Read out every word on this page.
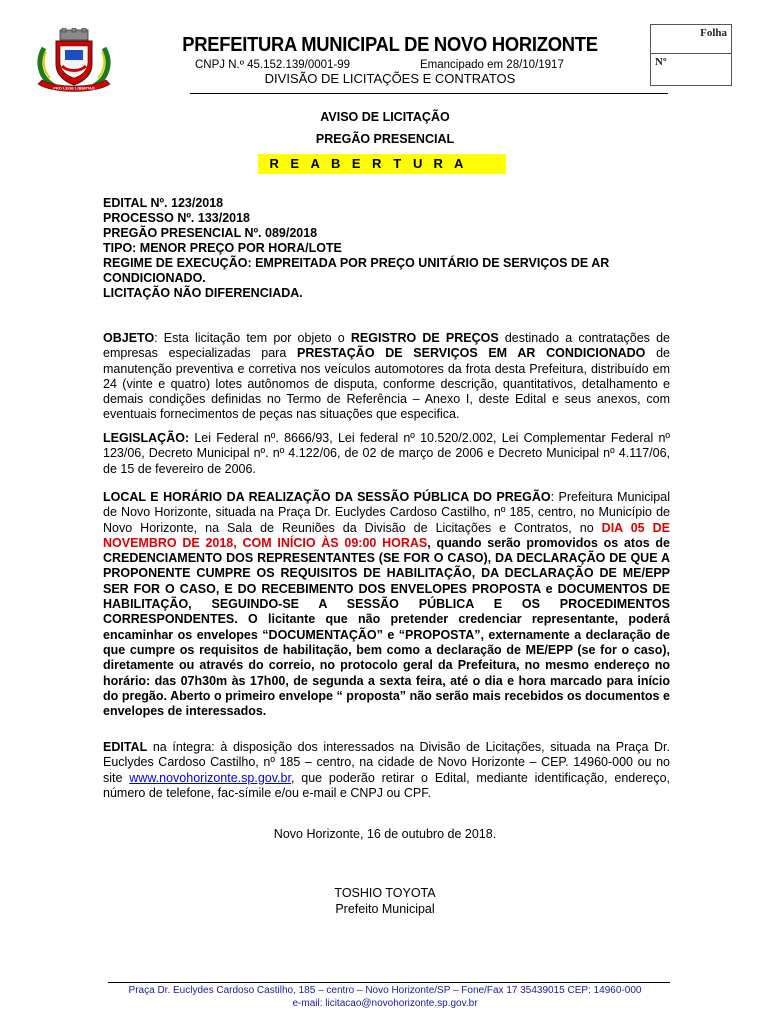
PRO LEGE LIBERTAS
PREFEITURA MUNICIPAL DE NOVO HORIZONTE
CNPJ N.º 45.152.139/0001-99	Emancipado em 28/10/1917
DIVISÃO DE LICITAÇÕES E CONTRATOS
Folha
Nº
AVISO DE LICITAÇÃO
PREGÃO PRESENCIAL
R E A B E R T U R A
EDITAL Nº. 123/2018
PROCESSO Nº. 133/2018
PREGÃO PRESENCIAL Nº. 089/2018
TIPO: MENOR PREÇO POR HORA/LOTE
REGIME DE EXECUÇÃO: EMPREITADA POR PREÇO UNITÁRIO DE SERVIÇOS DE AR CONDICIONADO.
LICITAÇÃO NÃO DIFERENCIADA.
OBJETO: Esta licitação tem por objeto o REGISTRO DE PREÇOS destinado a contratações de empresas especializadas para PRESTAÇÃO DE SERVIÇOS EM AR CONDICIONADO de manutenção preventiva e corretiva nos veículos automotores da frota desta Prefeitura, distribuído em 24 (vinte e quatro) lotes autônomos de disputa, conforme descrição, quantitativos, detalhamento e demais condições definidas no Termo de Referência – Anexo I, deste Edital e seus anexos, com eventuais fornecimentos de peças nas situações que especifica.
LEGISLAÇÃO: Lei Federal nº. 8666/93, Lei federal nº 10.520/2.002, Lei Complementar Federal nº 123/06, Decreto Municipal nº. nº 4.122/06, de 02 de março de 2006 e Decreto Municipal nº 4.117/06, de 15 de fevereiro de 2006.
LOCAL E HORÁRIO DA REALIZAÇÃO DA SESSÃO PÚBLICA DO PREGÃO: Prefeitura Municipal de Novo Horizonte, situada na Praça Dr. Euclydes Cardoso Castilho, nº 185, centro, no Município de Novo Horizonte, na Sala de Reuniões da Divisão de Licitações e Contratos, no DIA 05 DE NOVEMBRO DE 2018, COM INÍCIO ÀS 09:00 HORAS, quando serão promovidos os atos de CREDENCIAMENTO DOS REPRESENTANTES (SE FOR O CASO), DA DECLARAÇÃO DE QUE A PROPONENTE CUMPRE OS REQUISITOS DE HABILITAÇÃO, DA DECLARAÇÃO DE ME/EPP SER FOR O CASO, E DO RECEBIMENTO DOS ENVELOPES PROPOSTA e DOCUMENTOS DE HABILITAÇÃO, SEGUINDO-SE A SESSÃO PÚBLICA E OS PROCEDIMENTOS CORRESPONDENTES. O licitante que não pretender credenciar representante, poderá encaminhar os envelopes “DOCUMENTAÇÃO” e “PROPOSTA”, externamente a declaração de que cumpre os requisitos de habilitação, bem como a declaração de ME/EPP (se for o caso), diretamente ou através do correio, no protocolo geral da Prefeitura, no mesmo endereço no horário: das 07h30m às 17h00, de segunda a sexta feira, até o dia e hora marcado para início do pregão. Aberto o primeiro envelope “ proposta” não serão mais recebidos os documentos e envelopes de interessados.
EDITAL na íntegra: à disposição dos interessados na Divisão de Licitações, situada na Praça Dr. Euclydes Cardoso Castilho, nº 185 – centro, na cidade de Novo Horizonte – CEP. 14960-000 ou no site www.novohorizonte.sp.gov.br, que poderão retirar o Edital, mediante identificação, endereço, número de telefone, fac-símile e/ou e-mail e CNPJ ou CPF.
Novo Horizonte, 16 de outubro de 2018.
TOSHIO TOYOTA
Prefeito Municipal
Praça Dr. Euclydes Cardoso Castilho, 185 – centro – Novo Horizonte/SP – Fone/Fax 17 35439015 CEP: 14960-000
e-mail: licitacao@novohorizonte.sp.gov.br
